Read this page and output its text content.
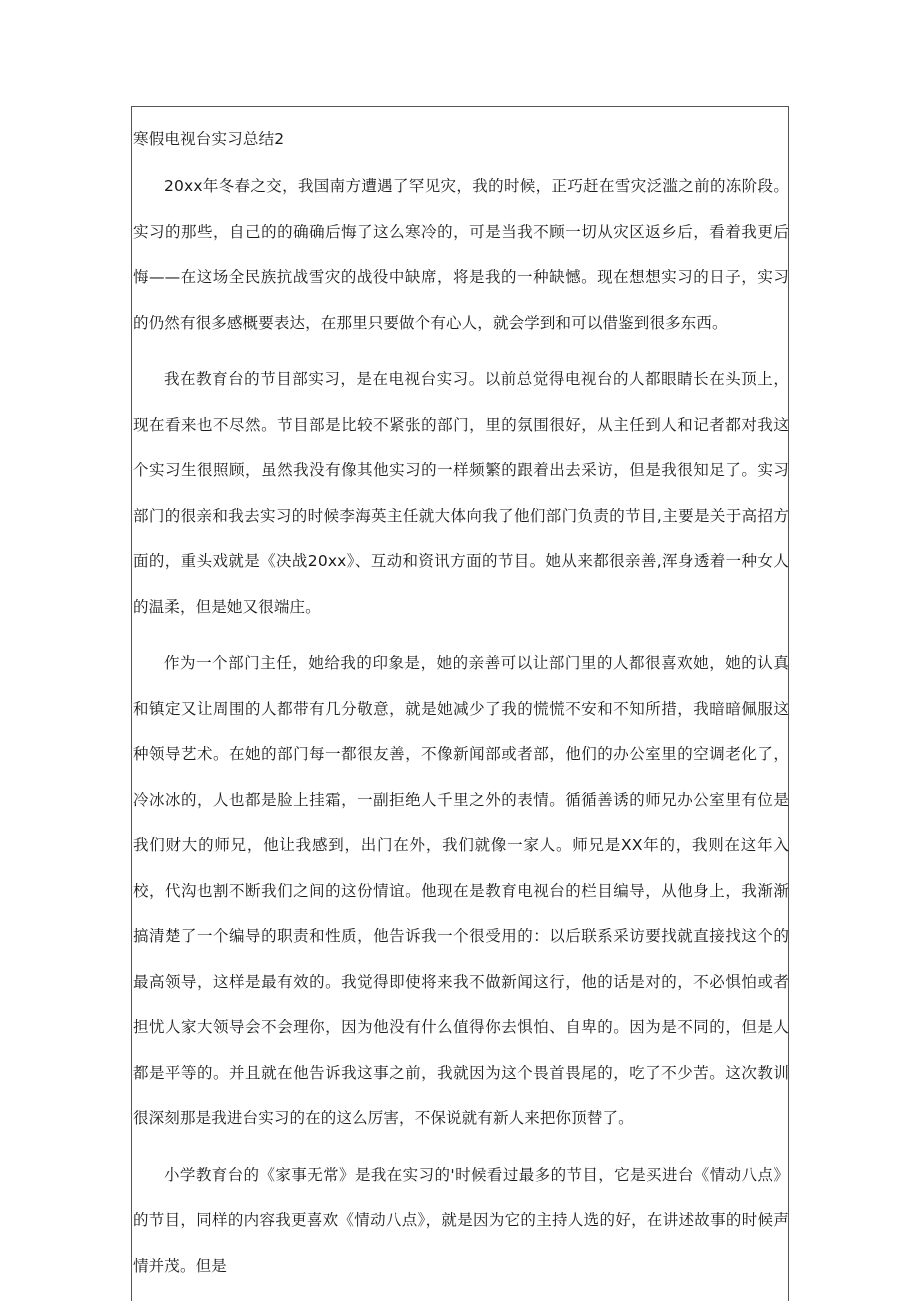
寒假电视台实习总结2

20xx年冬春之交，我国南方遭遇了罕见灾，我的时候，正巧赶在雪灾泛滥之前的冻阶段。实习的那些，自己的的确确后悔了这么寒冷的，可是当我不顾一切从灾区返乡后，看着我更后悔——在这场全民族抗战雪灾的战役中缺席，将是我的一种缺憾。现在想想实习的日子，实习的仍然有很多感概要表达，在那里只要做个有心人，就会学到和可以借鉴到很多东西。

我在教育台的节目部实习，是在电视台实习。以前总觉得电视台的人都眼睛长在头顶上，现在看来也不尽然。节目部是比较不紧张的部门，里的氛围很好，从主任到人和记者都对我这个实习生很照顾，虽然我没有像其他实习的一样频繁的跟着出去采访，但是我很知足了。实习部门的很亲和我去实习的时候李海英主任就大体向我了他们部门负责的节目,主要是关于高招方面的，重头戏就是《决战20xx》、互动和资讯方面的节目。她从来都很亲善,浑身透着一种女人的温柔，但是她又很端庄。

作为一个部门主任，她给我的印象是，她的亲善可以让部门里的人都很喜欢她，她的认真和镇定又让周围的人都带有几分敬意，就是她减少了我的慌慌不安和不知所措，我暗暗佩服这种领导艺术。在她的部门每一都很友善，不像新闻部或者部，他们的办公室里的空调老化了，冷冰冰的，人也都是脸上挂霜，一副拒绝人千里之外的表情。循循善诱的师兄办公室里有位是我们财大的师兄，他让我感到，出门在外，我们就像一家人。师兄是XX年的，我则在这年入校，代沟也割不断我们之间的这份情谊。他现在是教育电视台的栏目编导，从他身上，我渐渐搞清楚了一个编导的职责和性质，他告诉我一个很受用的：以后联系采访要找就直接找这个的最高领导，这样是最有效的。我觉得即使将来我不做新闻这行，他的话是对的，不必惧怕或者担忧人家大领导会不会理你，因为他没有什么值得你去惧怕、自卑的。因为是不同的，但是人都是平等的。并且就在他告诉我这事之前，我就因为这个畏首畏尾的，吃了不少苦。这次教训很深刻那是我进台实习的在的这么厉害，不保说就有新人来把你顶替了。

小学教育台的《家事无常》是我在实习的'时候看过最多的节目，它是买进台《情动八点》的节目，同样的内容我更喜欢《情动八点》，就是因为它的主持人选的好，在讲述故事的时候声情并茂。但是
